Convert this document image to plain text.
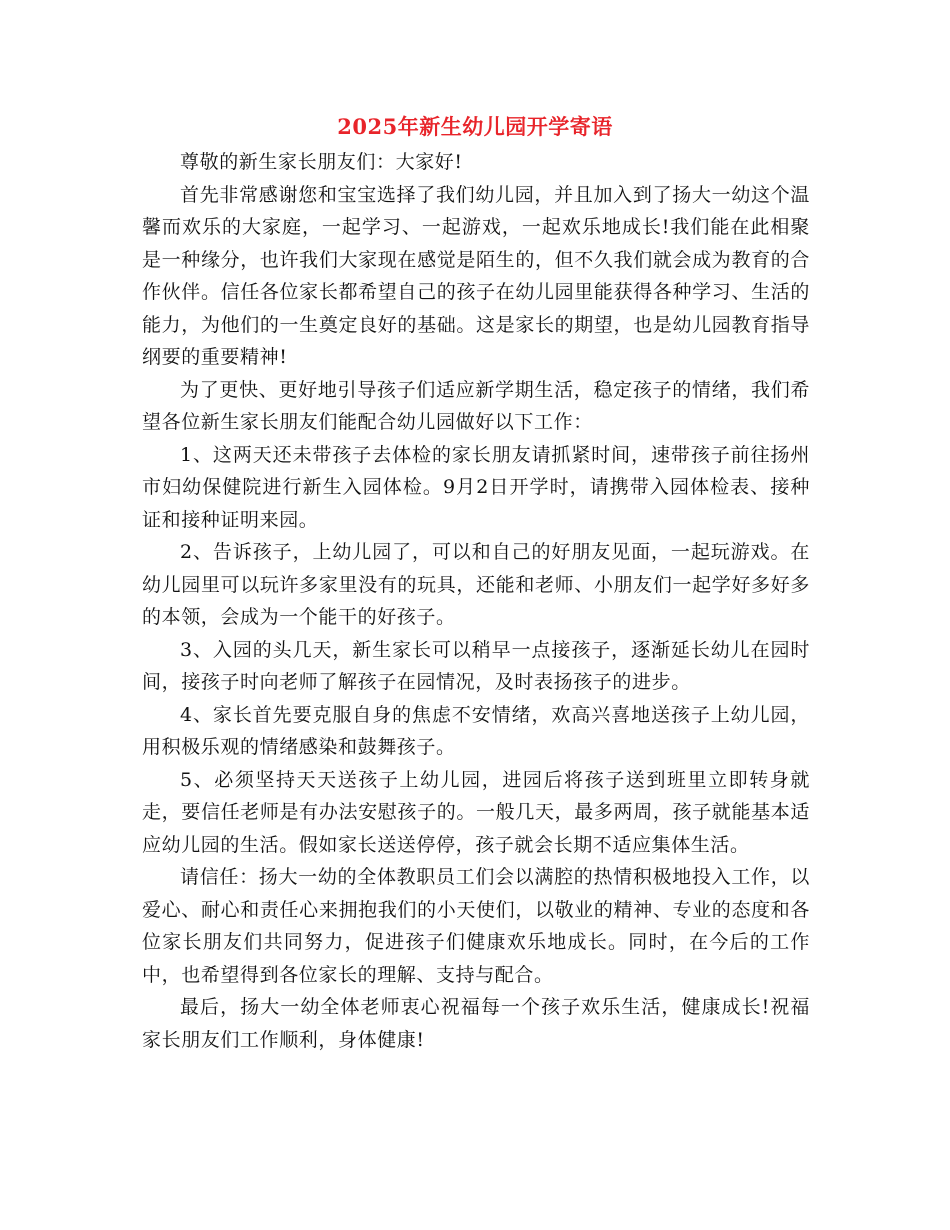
2025年新生幼儿园开学寄语

尊敬的新生家长朋友们：大家好!

首先非常感谢您和宝宝选择了我们幼儿园，并且加入到了扬大一幼这个温馨而欢乐的大家庭，一起学习、一起游戏，一起欢乐地成长!我们能在此相聚是一种缘分，也许我们大家现在感觉是陌生的，但不久我们就会成为教育的合作伙伴。信任各位家长都希望自己的孩子在幼儿园里能获得各种学习、生活的能力，为他们的一生奠定良好的基础。这是家长的期望，也是幼儿园教育指导纲要的重要精神!

为了更快、更好地引导孩子们适应新学期生活，稳定孩子的情绪，我们希望各位新生家长朋友们能配合幼儿园做好以下工作：

1、这两天还未带孩子去体检的家长朋友请抓紧时间，速带孩子前往扬州市妇幼保健院进行新生入园体检。9月2日开学时，请携带入园体检表、接种证和接种证明来园。

2、告诉孩子，上幼儿园了，可以和自己的好朋友见面，一起玩游戏。在幼儿园里可以玩许多家里没有的玩具，还能和老师、小朋友们一起学好多好多的本领，会成为一个能干的好孩子。

3、入园的头几天，新生家长可以稍早一点接孩子，逐渐延长幼儿在园时间，接孩子时向老师了解孩子在园情况，及时表扬孩子的进步。

4、家长首先要克服自身的焦虑不安情绪，欢高兴喜地送孩子上幼儿园，用积极乐观的情绪感染和鼓舞孩子。

5、必须坚持天天送孩子上幼儿园，进园后将孩子送到班里立即转身就走，要信任老师是有办法安慰孩子的。一般几天，最多两周，孩子就能基本适应幼儿园的生活。假如家长送送停停，孩子就会长期不适应集体生活。

请信任：扬大一幼的全体教职员工们会以满腔的热情积极地投入工作，以爱心、耐心和责任心来拥抱我们的小天使们，以敬业的精神、专业的态度和各位家长朋友们共同努力，促进孩子们健康欢乐地成长。同时，在今后的工作中，也希望得到各位家长的理解、支持与配合。

最后，扬大一幼全体老师衷心祝福每一个孩子欢乐生活，健康成长!祝福家长朋友们工作顺利，身体健康!
